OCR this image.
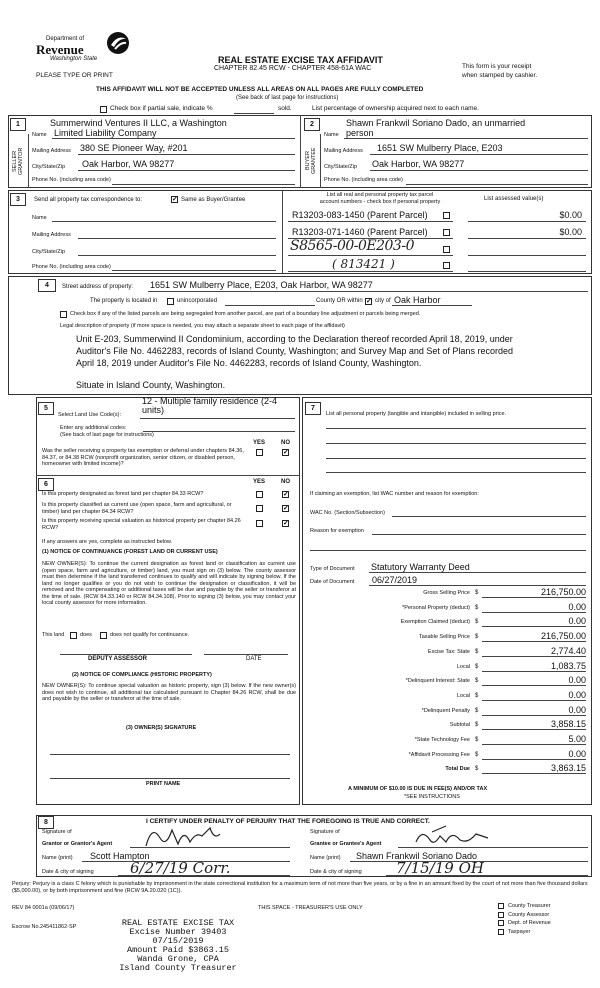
Department of
Revenue
Washington State
PLEASE TYPE OR PRINT
REAL ESTATE EXCISE TAX AFFIDAVIT
CHAPTER 82.45 RCW - CHAPTER 458-61A WAC	This form is your receipt
when stamped by cashier.
THIS AFFIDAVIT WILL NOT BE ACCEPTED UNLESS ALL AREAS ON ALL PAGES ARE FULLY COMPLETED
(See back of last page for instructions)
Check box if partial sale, indicate %	sold.	List percentage of ownership acquired next to each name.
1
SELLER GRANTOR
Summerwind Ventures II LLC, a Washington
Name Limited Liability Company
Mailing Address 380 SE Pioneer Way, #201
City/State/Zip Oak Harbor, WA 98277
Phone No. (including area code)
2
BUYER GRANTEE
Shawn Frankwil Soriano Dado, an unmarried
Name person
Mailing Address 1651 SW Mulberry Place, E203
City/State/Zip Oak Harbor, WA 98277
Phone No. (including area code)
3	Send all property tax correspondence to:	✓ Same as Buyer/Grantee
Name
Mailing Address
City/State/Zip
Phone No. (including area code)
List all real and personal property tax parcel
account numbers - check box if personal property	List assessed value(s)
R13203-083-1450 (Parent Parcel)	$0.00
R13203-071-1460 (Parent Parcel)	$0.00
S8565-00-0E203-0
( 813421 )
4	Street address of property: 1651 SW Mulberry Place, E203, Oak Harbor, WA 98277
The property is located in	unincorporated	County OR within ✓ city of Oak Harbor
Check box if any of the listed parcels are being segregated from another parcel, are part of a boundary line adjustment or parcels being merged.
Legal description of property (if more space is needed, you may attach a separate sheet to each page of the affidavit)
Unit E-203, Summerwind II Condominium, according to the Declaration thereof recorded April 18, 2019, under
Auditor's File No. 4462283, records of Island County, Washington; and Survey Map and Set of Plans recorded
April 18, 2019 under Auditor's File No. 4462283, records of Island County, Washington.
Situate in Island County, Washington.
5
12 - Multiple family residence (2-4
units)
Select Land Use Code(s):
Enter any additional codes:
(See back of last page for instructions)
YES	NO
Was the seller receiving a property tax exemption or deferral under chapters 84.36, 84.37, or 84.38 RCW (nonprofit organization, senior citizen, or disabled person, homeowner with limited income)?
✓
6	YES	NO
Is this property designated as forest land per chapter 84.33 RCW?	✓
Is this property classified as current use (open space, farm and agricultural, or timber) land per chapter 84.34 RCW?	✓
Is this property receiving special valuation as historical property per chapter 84.26 RCW?
✓
If any answers are yes, complete as instructed below.
(1) NOTICE OF CONTINUANCE (FOREST LAND OR CURRENT USE)
NEW OWNER(S): To continue the current designation as forest land or classification as current use (open space, farm and agriculture, or timber) land, you must sign on (3) below. The county assessor must then determine if the land transferred continues to qualify and will indicate by signing below. If the land no longer qualifies or you do not wish to continue the designation or classification, it will be removed and the compensating or additional taxes will be due and payable by the seller or transferor at the time of sale. (RCW 84.33.140 or RCW 84.34.108). Prior to signing (3) below, you may contact your local county assessor for more information.
This land	does	does not qualify for continuance.
DEPUTY ASSESSOR	DATE
(2) NOTICE OF COMPLIANCE (HISTORIC PROPERTY)
NEW OWNER(S): To continue special valuation as historic property, sign (3) below. If the new owner(s) does not wish to continue, all additional tax calculated pursuant to Chapter 84.26 RCW, shall be due and payable by the seller or transferor at the time of sale.
(3) OWNER(S) SIGNATURE
PRINT NAME
7
List all personal property (tangible and intangible) included in selling price.
If claiming an exemption, list WAC number and reason for exemption:
WAC No. (Section/Subsection)
Reason for exemption
Type of Document Statutory Warranty Deed
Date of Document 06/27/2019
Gross Selling Price $	216,750.00
*Personal Property (deduct) $	0.00
Exemption Claimed (deduct) $	0.00
Taxable Selling Price $	216,750.00
Excise Tax: State $	2,774.40
Local $	1,083.75
*Delinquent Interest: State $	0.00
Local $	0.00
*Delinquent Penalty $	0.00
Subtotal $	3,858.15
*State Technology Fee $	5.00
*Affidavit Processing Fee $	0.00
Total Due $	3,863.15
A MINIMUM OF $10.00 IS DUE IN FEE(S) AND/OR TAX
*SEE INSTRUCTIONS
8	I CERTIFY UNDER PENALTY OF PERJURY THAT THE FOREGOING IS TRUE AND CORRECT.
Signature of
Grantor or Grantor's Agent
Name (print) Scott Hampton
Date & city of signing 6/27/19 Corr.
Signature of
Grantee or Grantee's Agent
Name (print) Shawn Frankwil Soriano Dado
Date & city of signing 7/15/19 OH
Perjury: Perjury is a class C felony which is punishable by imprisonment in the state correctional institution for a maximum term of not more than five years, or by a fine in an amount fixed by the court of not more than five thousand dollars ($5,000.00), or by both imprisonment and fine (RCW 9A.20.020 (1C)).
REV 84 0001a (09/06/17)	THIS SPACE - TREASURER'S USE ONLY
Escrow No. 245411862-SP	REAL ESTATE EXCISE TAX
Excise Number 39403
07/15/2019
Amount Paid $3863.15
Wanda Grone, CPA
Island County Treasurer
County Treasurer
County Assessor
Dept. of Revenue
Taxpayer
